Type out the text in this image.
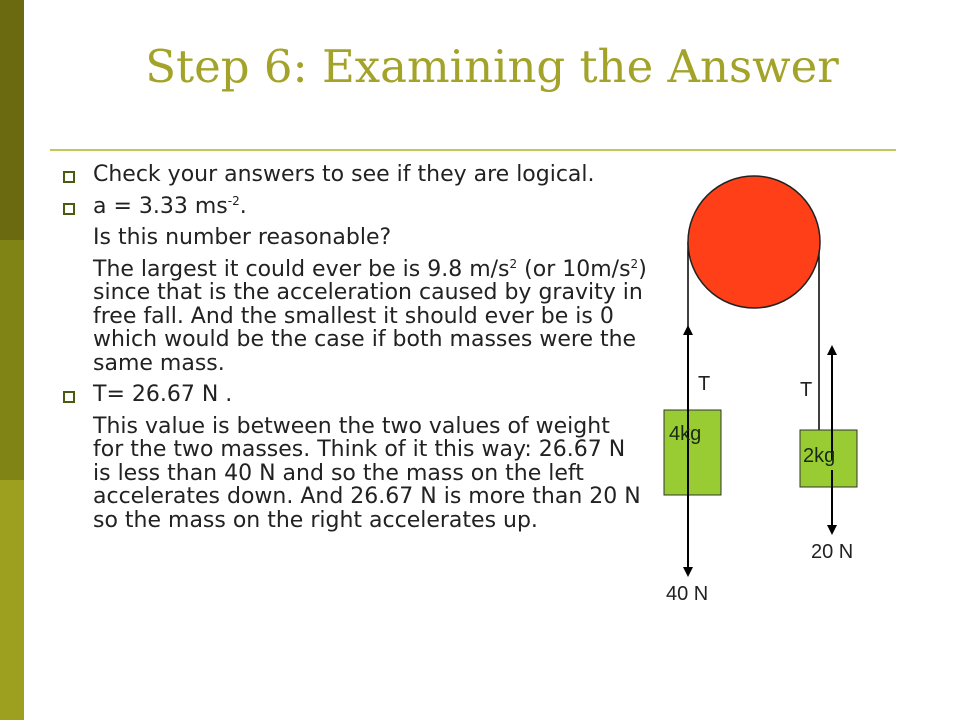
Step 6: Examining the Answer

Check your answers to see if they are logical.

a = 3.33 $ms^{-2}$.

Is this number reasonable?

The largest it could ever be is 9.8 $m/s^2$ (or $10m/s^2$) since that is the acceleration caused by gravity in free fall. And the smallest it should ever be is 0 which would be the case if both masses were the same mass.

T= 26.67 N .

This value is between the two values of weight for the two masses. Think of it this way: 26.67 N is less than 40 N and so the mass on the left accelerates down. And 26.67 N is more than 20 N so the mass on the right accelerates up.

T	T
4kg
2kg
40 N
20 N
